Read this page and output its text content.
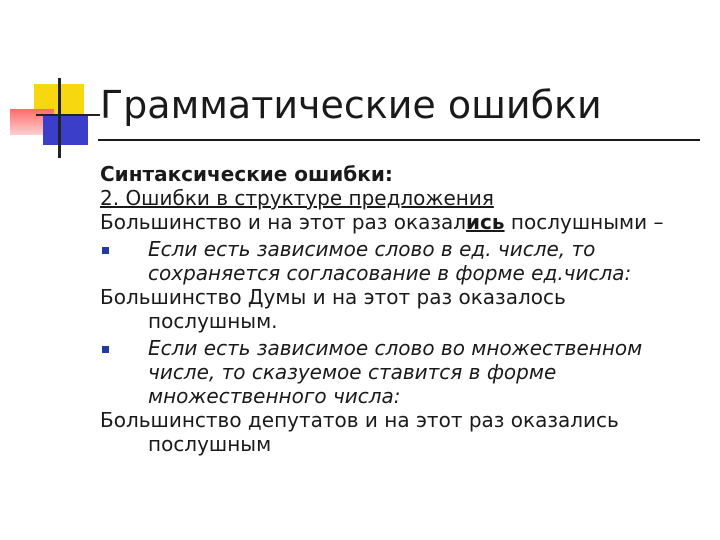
Грамматические ошибки

Синтаксические ошибки:

2. Ошибки в структуре предложения

Большинство и на этот раз оказались послушными –

Если есть зависимое слово в ед. числе, то

сохраняется согласование в форме ед.числа:

Большинство Думы и на этот раз оказалось

послушным.

Если есть зависимое слово во множественном

числе, то сказуемое ставится в форме

множественного числа:

Большинство депутатов и на этот раз оказались

послушным
